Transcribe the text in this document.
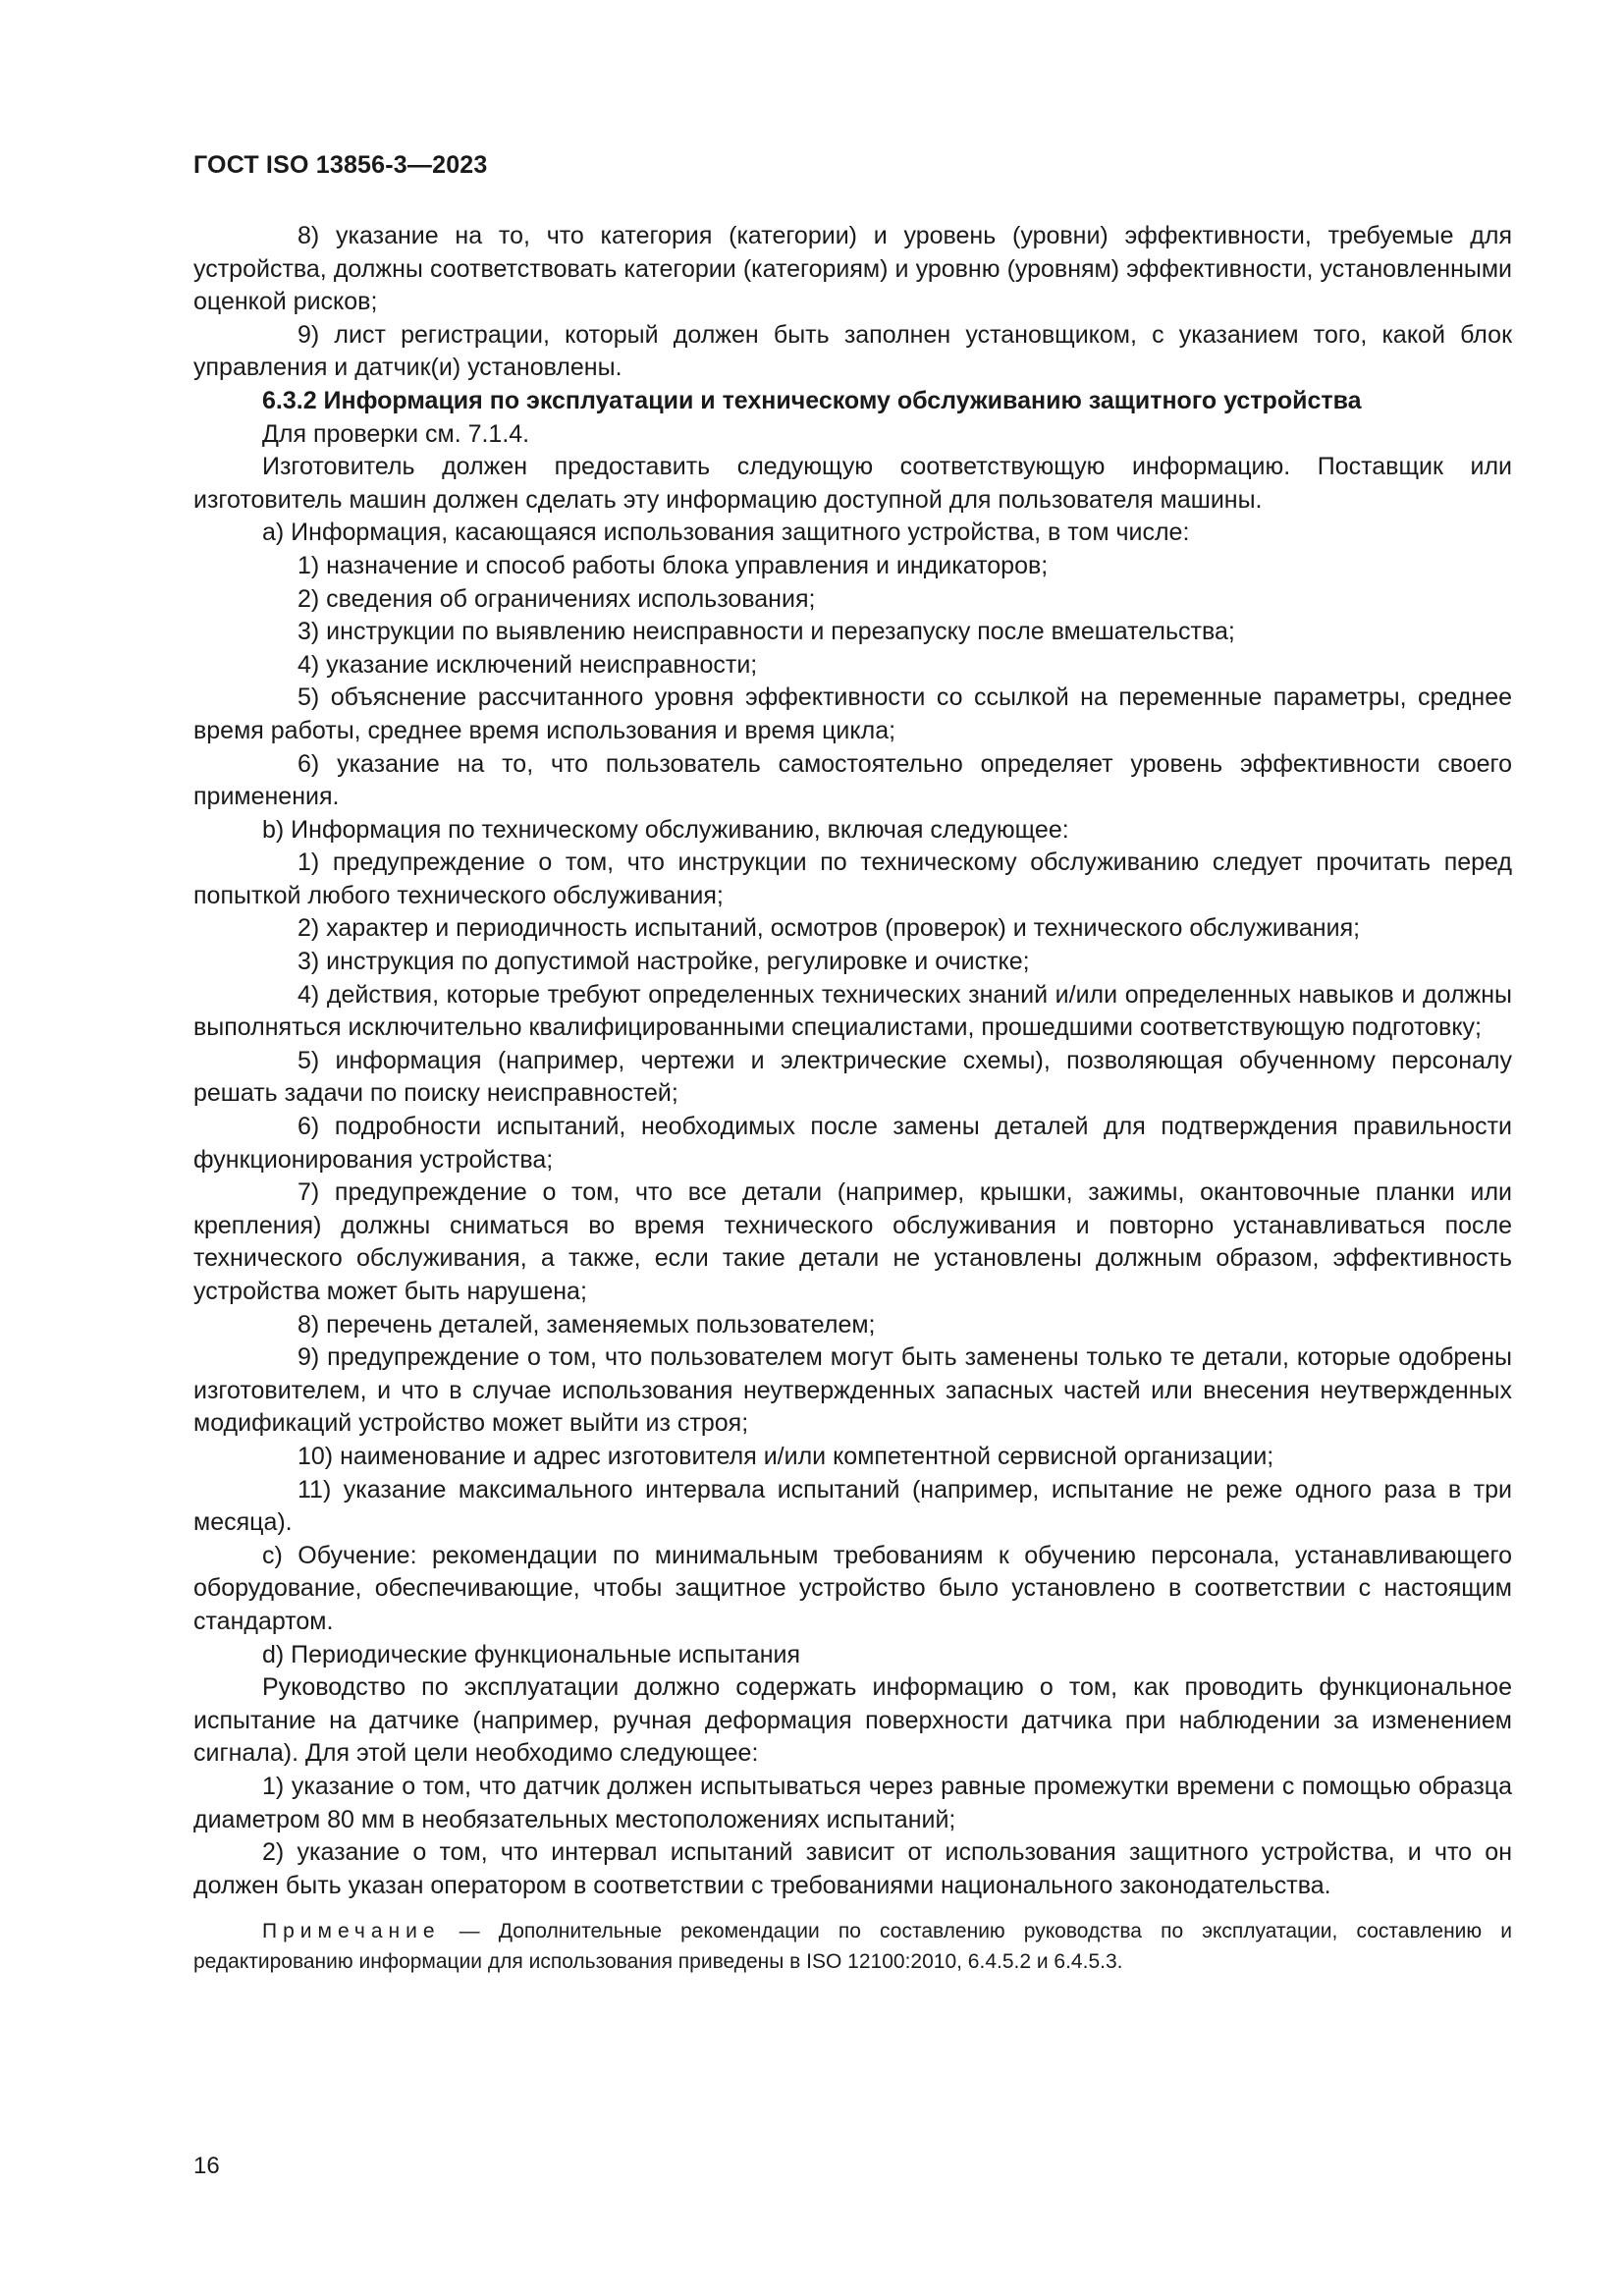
ГОСТ ISO 13856-3—2023

8) указание на то, что категория (категории) и уровень (уровни) эффективности, требуемые для устройства, должны соответствовать категории (категориям) и уровню (уровням) эффективности, установленными оценкой рисков;

9) лист регистрации, который должен быть заполнен установщиком, с указанием того, какой блок управления и датчик(и) установлены.

6.3.2 Информация по эксплуатации и техническому обслуживанию защитного устройства

Для проверки см. 7.1.4.

Изготовитель должен предоставить следующую соответствующую информацию. Поставщик или изготовитель машин должен сделать эту информацию доступной для пользователя машины.

a) Информация, касающаяся использования защитного устройства, в том числе:

1) назначение и способ работы блока управления и индикаторов;

2) сведения об ограничениях использования;

3) инструкции по выявлению неисправности и перезапуску после вмешательства;

4) указание исключений неисправности;

5) объяснение рассчитанного уровня эффективности со ссылкой на переменные параметры, среднее время работы, среднее время использования и время цикла;

6) указание на то, что пользователь самостоятельно определяет уровень эффективности своего применения.

b) Информация по техническому обслуживанию, включая следующее:

1) предупреждение о том, что инструкции по техническому обслуживанию следует прочитать перед попыткой любого технического обслуживания;

2) характер и периодичность испытаний, осмотров (проверок) и технического обслуживания;

3) инструкция по допустимой настройке, регулировке и очистке;

4) действия, которые требуют определенных технических знаний и/или определенных навыков и должны выполняться исключительно квалифицированными специалистами, прошедшими соответствующую подготовку;

5) информация (например, чертежи и электрические схемы), позволяющая обученному персоналу решать задачи по поиску неисправностей;

6) подробности испытаний, необходимых после замены деталей для подтверждения правильности функционирования устройства;

7) предупреждение о том, что все детали (например, крышки, зажимы, окантовочные планки или крепления) должны сниматься во время технического обслуживания и повторно устанавливаться после технического обслуживания, а также, если такие детали не установлены должным образом, эффективность устройства может быть нарушена;

8) перечень деталей, заменяемых пользователем;

9) предупреждение о том, что пользователем могут быть заменены только те детали, которые одобрены изготовителем, и что в случае использования неутвержденных запасных частей или внесения неутвержденных модификаций устройство может выйти из строя;

10) наименование и адрес изготовителя и/или компетентной сервисной организации;

11) указание максимального интервала испытаний (например, испытание не реже одного раза в три месяца).

c) Обучение: рекомендации по минимальным требованиям к обучению персонала, устанавливающего оборудование, обеспечивающие, чтобы защитное устройство было установлено в соответствии с настоящим стандартом.

d) Периодические функциональные испытания

Руководство по эксплуатации должно содержать информацию о том, как проводить функциональное испытание на датчике (например, ручная деформация поверхности датчика при наблюдении за изменением сигнала). Для этой цели необходимо следующее:

1) указание о том, что датчик должен испытываться через равные промежутки времени с помощью образца диаметром 80 мм в необязательных местоположениях испытаний;

2) указание о том, что интервал испытаний зависит от использования защитного устройства, и что он должен быть указан оператором в соответствии с требованиями национального законодательства.

Примечание — Дополнительные рекомендации по составлению руководства по эксплуатации, составлению и редактированию информации для использования приведены в ISO 12100:2010, 6.4.5.2 и 6.4.5.3.

16
